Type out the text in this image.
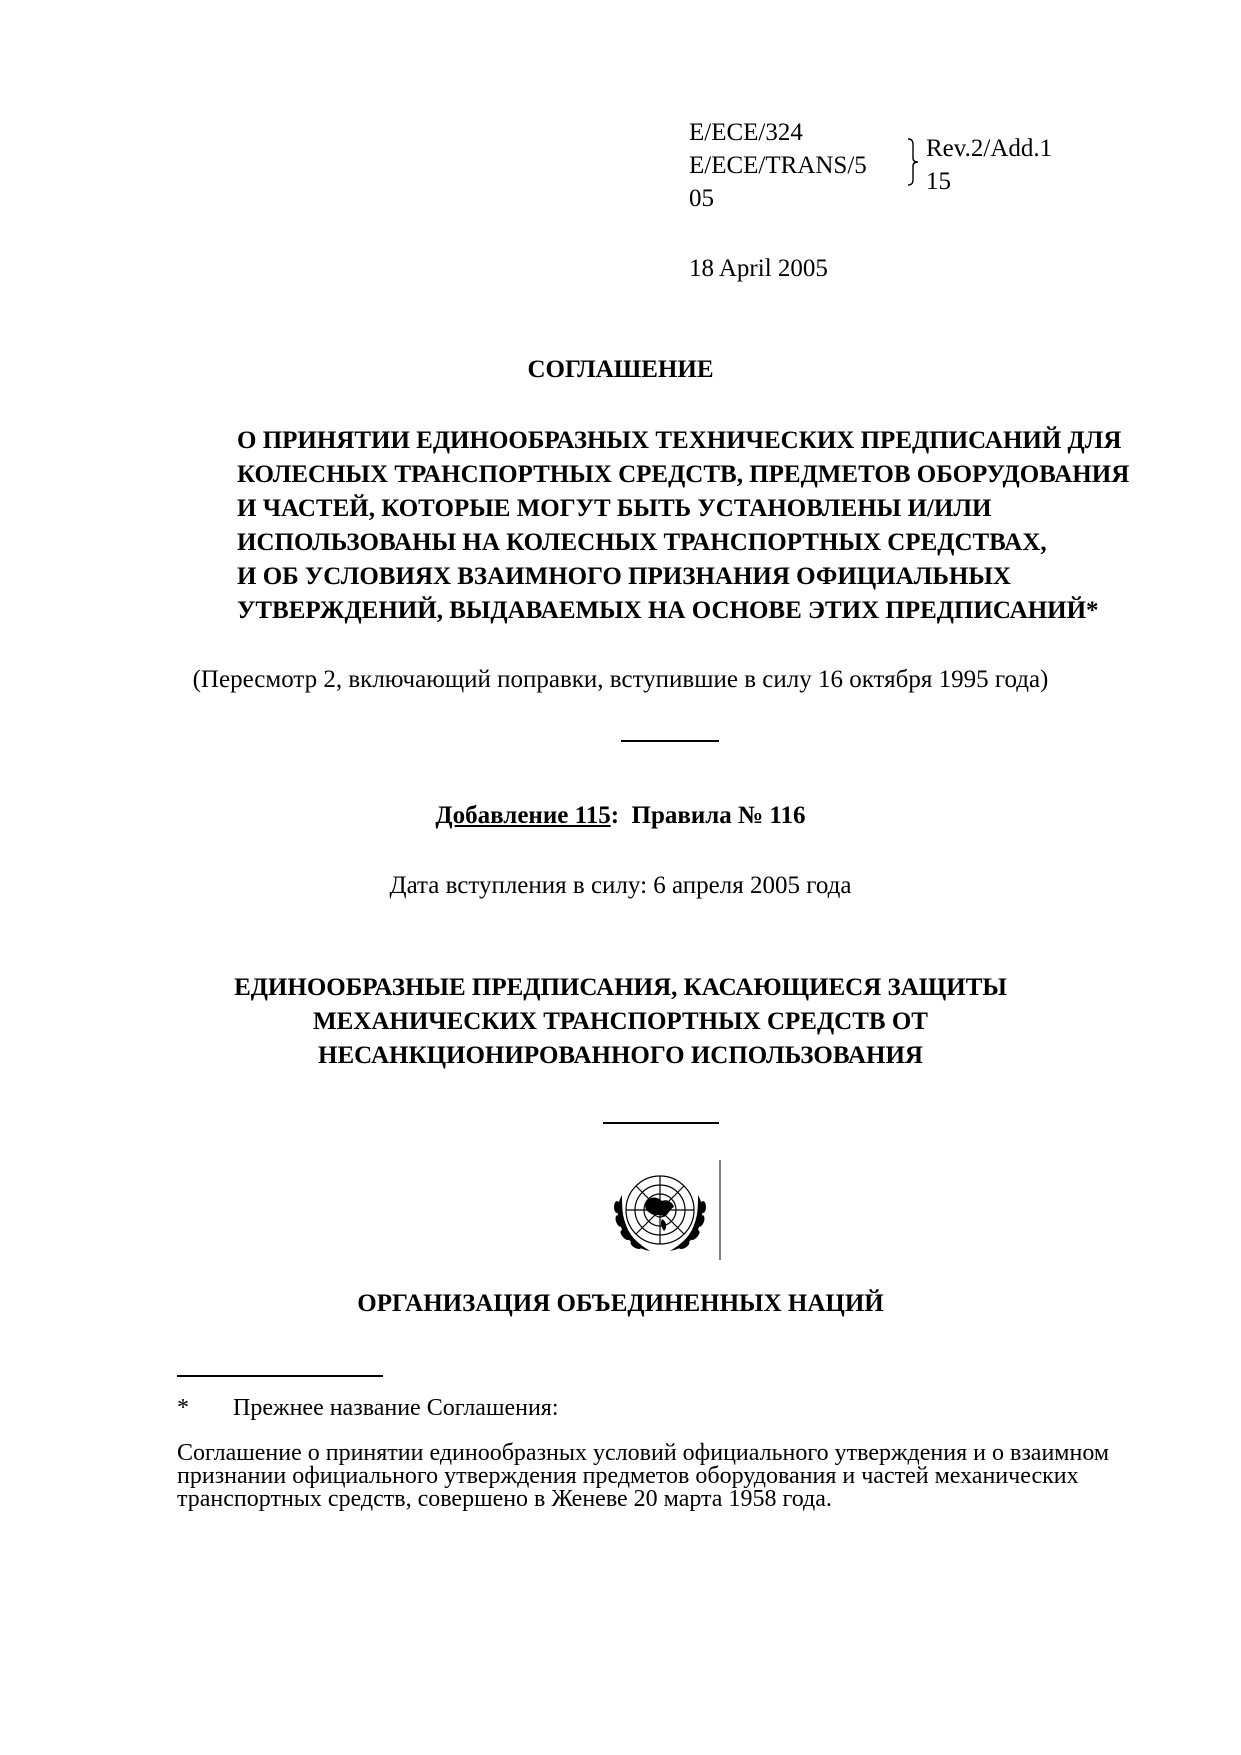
E/ECE/324
E/ECE/TRANS/5
05
Rev.2/Add.1
15
18 April 2005
СОГЛАШЕНИЕ
О ПРИНЯТИИ ЕДИНООБРАЗНЫХ ТЕХНИЧЕСКИХ ПРЕДПИСАНИЙ ДЛЯ
КОЛЕСНЫХ ТРАНСПОРТНЫХ СРЕДСТВ, ПРЕДМЕТОВ ОБОРУДОВАНИЯ
И ЧАСТЕЙ, КОТОРЫЕ МОГУТ БЫТЬ УСТАНОВЛЕНЫ И/ИЛИ
ИСПОЛЬЗОВАНЫ НА КОЛЕСНЫХ ТРАНСПОРТНЫХ СРЕДСТВАХ,
И ОБ УСЛОВИЯХ ВЗАИМНОГО ПРИЗНАНИЯ ОФИЦИАЛЬНЫХ
УТВЕРЖДЕНИЙ, ВЫДАВАЕМЫХ НА ОСНОВЕ ЭТИХ ПРЕДПИСАНИЙ*
(Пересмотр 2, включающий поправки, вступившие в силу 16 октября 1995 года)
Добавление 115: Правила № 116
Дата вступления в силу: 6 апреля 2005 года
ЕДИНООБРАЗНЫЕ ПРЕДПИСАНИЯ, КАСАЮЩИЕСЯ ЗАЩИТЫ
МЕХАНИЧЕСКИХ ТРАНСПОРТНЫХ СРЕДСТВ ОТ
НЕСАНКЦИОНИРОВАННОГО ИСПОЛЬЗОВАНИЯ
ОРГАНИЗАЦИЯ ОБЪЕДИНЕННЫХ НАЦИЙ
* Прежнее название Соглашения:
Соглашение о принятии единообразных условий официального утверждения и о взаимном
признании официального утверждения предметов оборудования и частей механических
транспортных средств, совершено в Женеве 20 марта 1958 года.
